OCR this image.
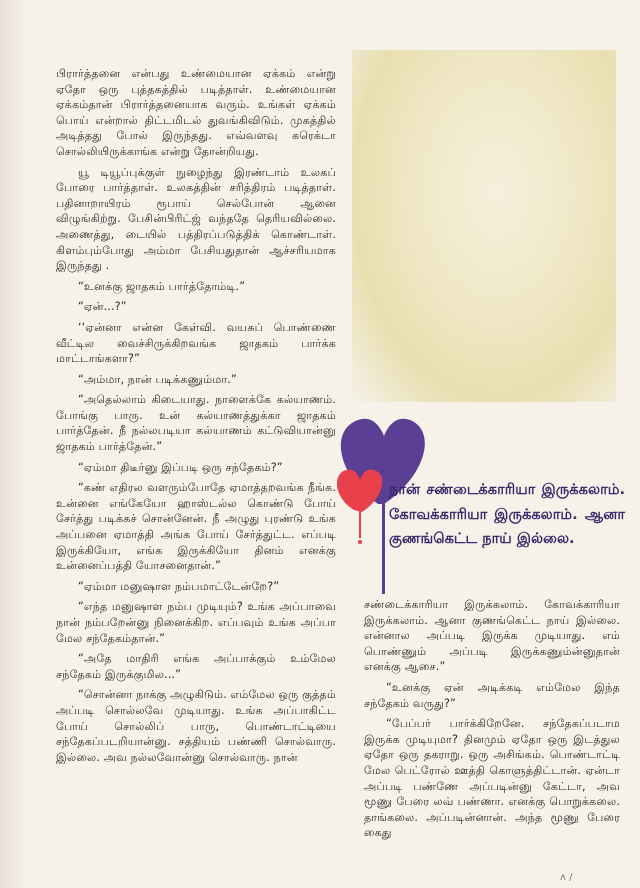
பிரார்த்தனை என்பது உண்மையான ஏக்கம் என்று ஏதோ ஒரு புத்தகத்தில் படித்தாள். உண்மையான ஏக்கம்தான் பிரார்த்தனையாக வரும். உங்கள் ஏக்கம் பொய் என்றால் திட்டமிடல் துவங்கிவிடும். முகத்தில் அடித்தது போல் இருந்தது. எவ்வளவு கரெக்டா சொல்லியிருக்காங்க என்று தோன்றியது.

யூ டியூப்புக்குள் நுழைந்து இரண்டாம் உலகப் போரை பார்த்தாள். உலகத்தின் சரித்திரம் படித்தாள். பதினாறாயிரம் ரூபாய் செல்போன் ஆனை விழுங்கிற்று. பேசின்பிரிட்ஜ் வந்ததே தெரியவில்லை. அணைத்து, டையில் பத்திரப்படுத்திக் கொண்டாள். கிளம்பும்போது அம்மா பேசியதுதான் ஆச்சரியமாக இருந்தது .

“உனக்கு ஜாதகம் பார்த்தோம்டி.”

“ஏன்...?”

‘‘ஏன்னா என்ன கேள்வி. வயசுப் பொண்ணை வீட்டில வைச்சிருக்கிறவங்க ஜாதகம் பார்க்க மாட்டாங்களா?”

“அம்மா, நான் படிக்கணும்மா.”

“அதெல்லாம் கிடையாது. நாளைக்கே கல்யாணம். போங்கு பாரு. உன் கல்யாணத்துக்கா ஜாதகம் பார்த்தேன். நீ நல்லபடியா கல்யாணம் கட்டுவியான்னு ஜாதகம் பார்த்தேன்.”

“ஏம்மா திடீர்னு இப்படி ஒரு சந்தேகம்?”

“கண் எதிரல வளரும்போதே ஏமாத்தறவங்க நீங்க. உன்னை எங்கேயோ ஹாஸ்டல்ல கொண்டு போய் சேர்த்து படிக்கச் சொன்னேன். நீ அழுது புரண்டு உங்க அப்பனை ஏமாத்தி அங்க போய் சேர்த்துட்ட. எப்படி இருக்கியோ, எங்க இருக்கியோ தினம் எனக்கு உன்னைப்பத்தி யோசனைதான்.”

“ஏம்மா மனுஷாள நம்பமாட்டேன்றே?”

“எந்த மனுஷாள நம்ப முடியும்? உங்க அப்பாவை நான் நம்பறேன்னு நினைக்கிற. எப்பவும் உங்க அப்பா மேல சந்தேகம்தான்.”

“அதே மாதிரி எங்க அப்பாக்கும் உம்மேல சந்தேகம் இருக்குமில...”

“சொன்னா நாக்கு அழுகிடும். எம்மேல ஒரு குத்தம் அப்படி சொல்லவே முடியாது. உங்க அப்பாகிட்ட போய் சொல்லிப் பாரு, பொண்டாட்டியை சந்தேகப்படறியான்னு. சத்தியம் பண்ணி சொல்வாரு. இல்லை. அவ நல்லவோன்னு சொல்வாரு. நான்

சண்டைக்காரியா இருக்கலாம். கோவக்காரியா இருக்கலாம். ஆனா குணங்கெட்ட நாய் இல்லை. என்னால அப்படி இருக்க முடியாது. எம் பொண்ணும் அப்படி இருக்கணும்ன்னுதான் எனக்கு ஆசை.”

“உனக்கு ஏன் அடிக்கடி எம்மேல இந்த சந்தேகம் வருது?”

“பேப்பர் பார்க்கிறேனே. சந்தேகப்படாம இருக்க முடியுமா? தினமும் ஏதோ ஒரு இடத்துல ஏதோ ஒரு தகராறு. ஒரு அசிங்கம். பொண்டாட்டி மேல பெட்ரோல் ஊத்தி கொளுத்திட்டான். ஏன்டா அப்படி பண்ணே அப்படின்னு கேட்டா, அவ மூணு பேரை லவ் பண்ணா. எனக்கு பொறுக்கலை. தாங்கலை. அப்படின்னான். அந்த மூணு பேரை கைது

நான் சண்டைக்காரியா இருக்கலாம். கோவக்காரியா இருக்கலாம். ஆனா குணங்கெட்ட நாய் இல்லை.
ʌ /
